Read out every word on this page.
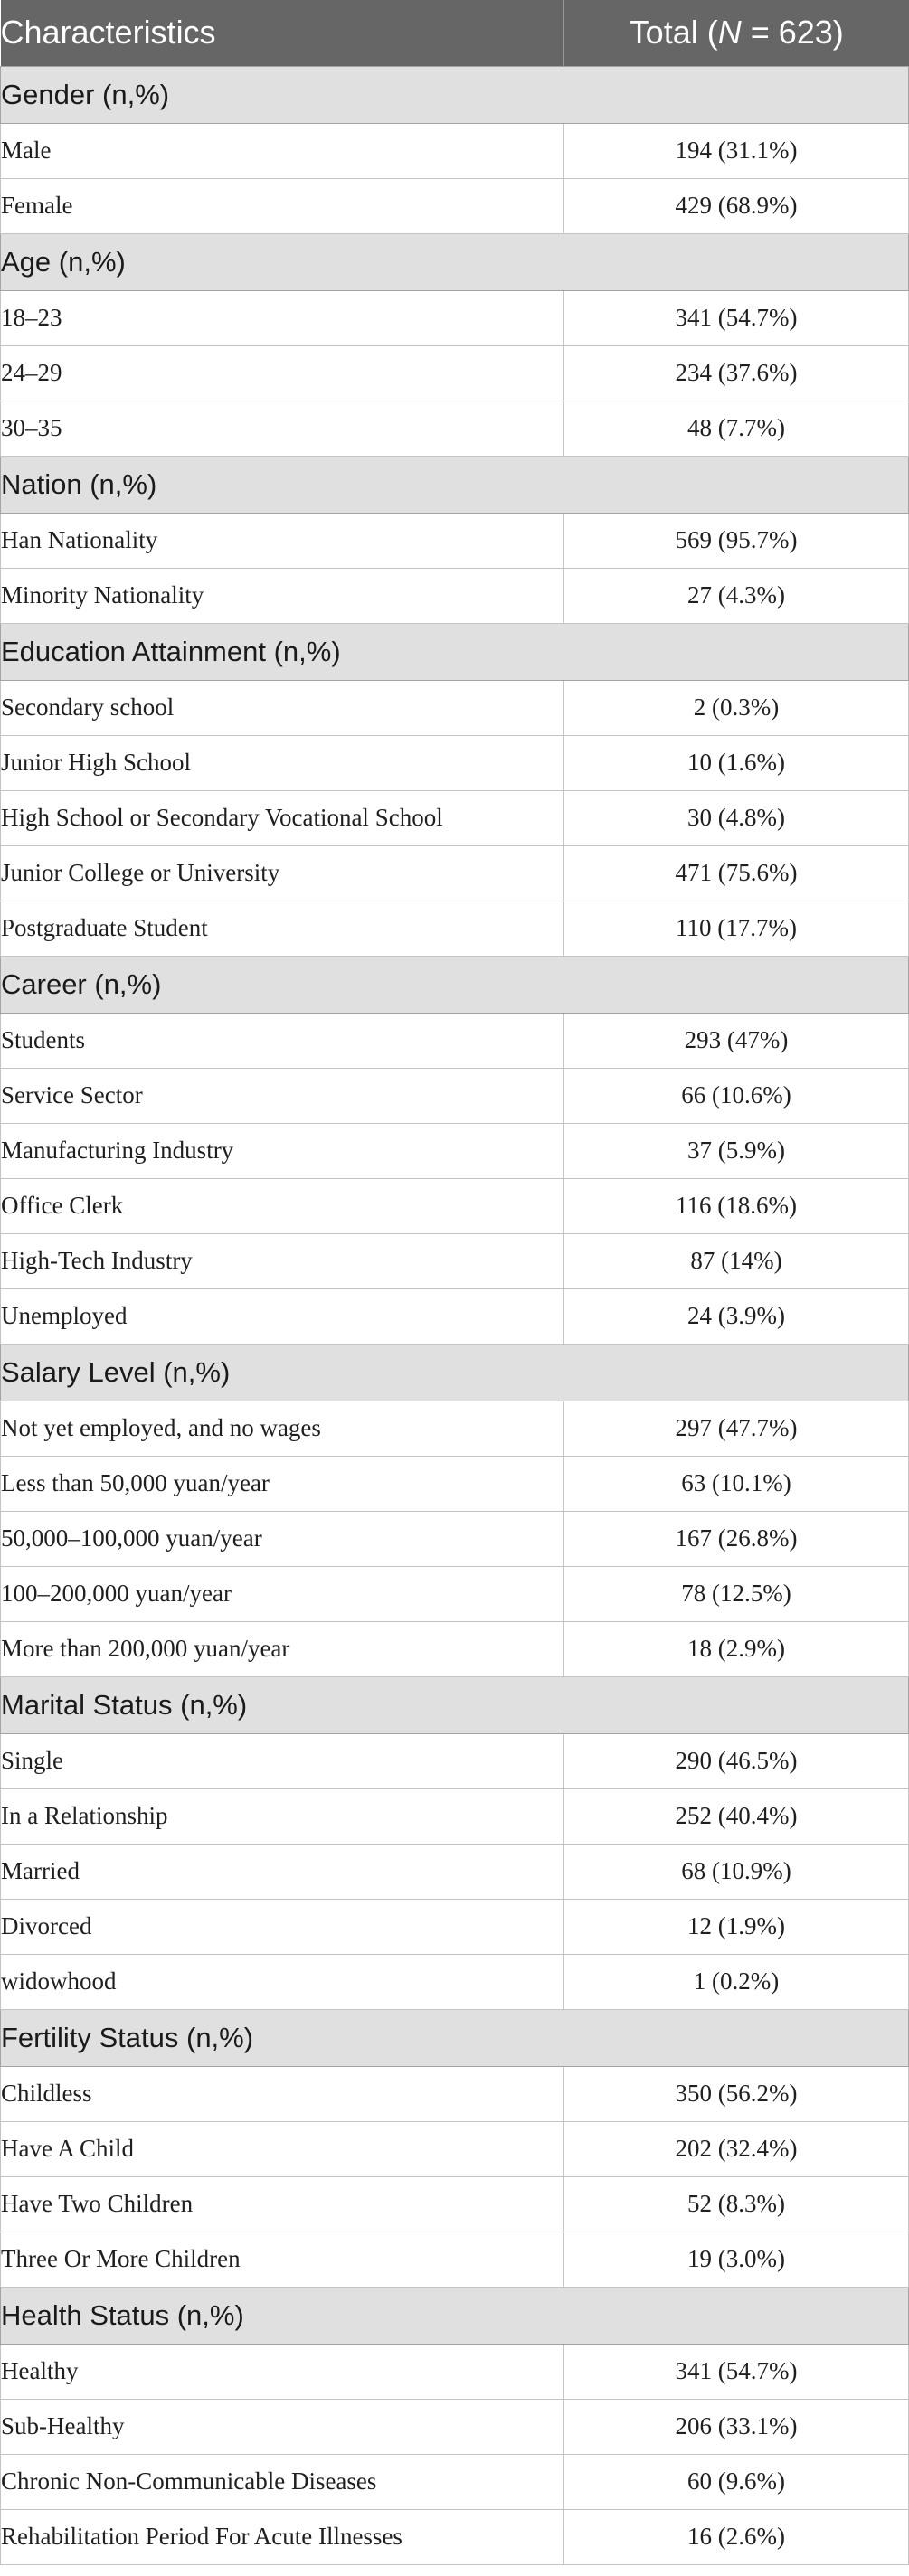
Characteristics	Total (N = 623)
Gender (n,%)	
Male	194 (31.1%)
Female	429 (68.9%)
Age (n,%)	
18–23	341 (54.7%)
24–29	234 (37.6%)
30–35	48 (7.7%)
Nation (n,%)	
Han Nationality	569 (95.7%)
Minority Nationality	27 (4.3%)
Education Attainment (n,%)	
Secondary school	2 (0.3%)
Junior High School	10 (1.6%)
High School or Secondary Vocational School	30 (4.8%)
Junior College or University	471 (75.6%)
Postgraduate Student	110 (17.7%)
Career (n,%)	
Students	293 (47%)
Service Sector	66 (10.6%)
Manufacturing Industry	37 (5.9%)
Office Clerk	116 (18.6%)
High-Tech Industry	87 (14%)
Unemployed	24 (3.9%)
Salary Level (n,%)	
Not yet employed, and no wages	297 (47.7%)
Less than 50,000 yuan/year	63 (10.1%)
50,000–100,000 yuan/year	167 (26.8%)
100–200,000 yuan/year	78 (12.5%)
More than 200,000 yuan/year	18 (2.9%)
Marital Status (n,%)	
Single	290 (46.5%)
In a Relationship	252 (40.4%)
Married	68 (10.9%)
Divorced	12 (1.9%)
widowhood	1 (0.2%)
Fertility Status (n,%)	
Childless	350 (56.2%)
Have A Child	202 (32.4%)
Have Two Children	52 (8.3%)
Three Or More Children	19 (3.0%)
Health Status (n,%)	
Healthy	341 (54.7%)
Sub-Healthy	206 (33.1%)
Chronic Non-Communicable Diseases	60 (9.6%)
Rehabilitation Period For Acute Illnesses	16 (2.6%)
